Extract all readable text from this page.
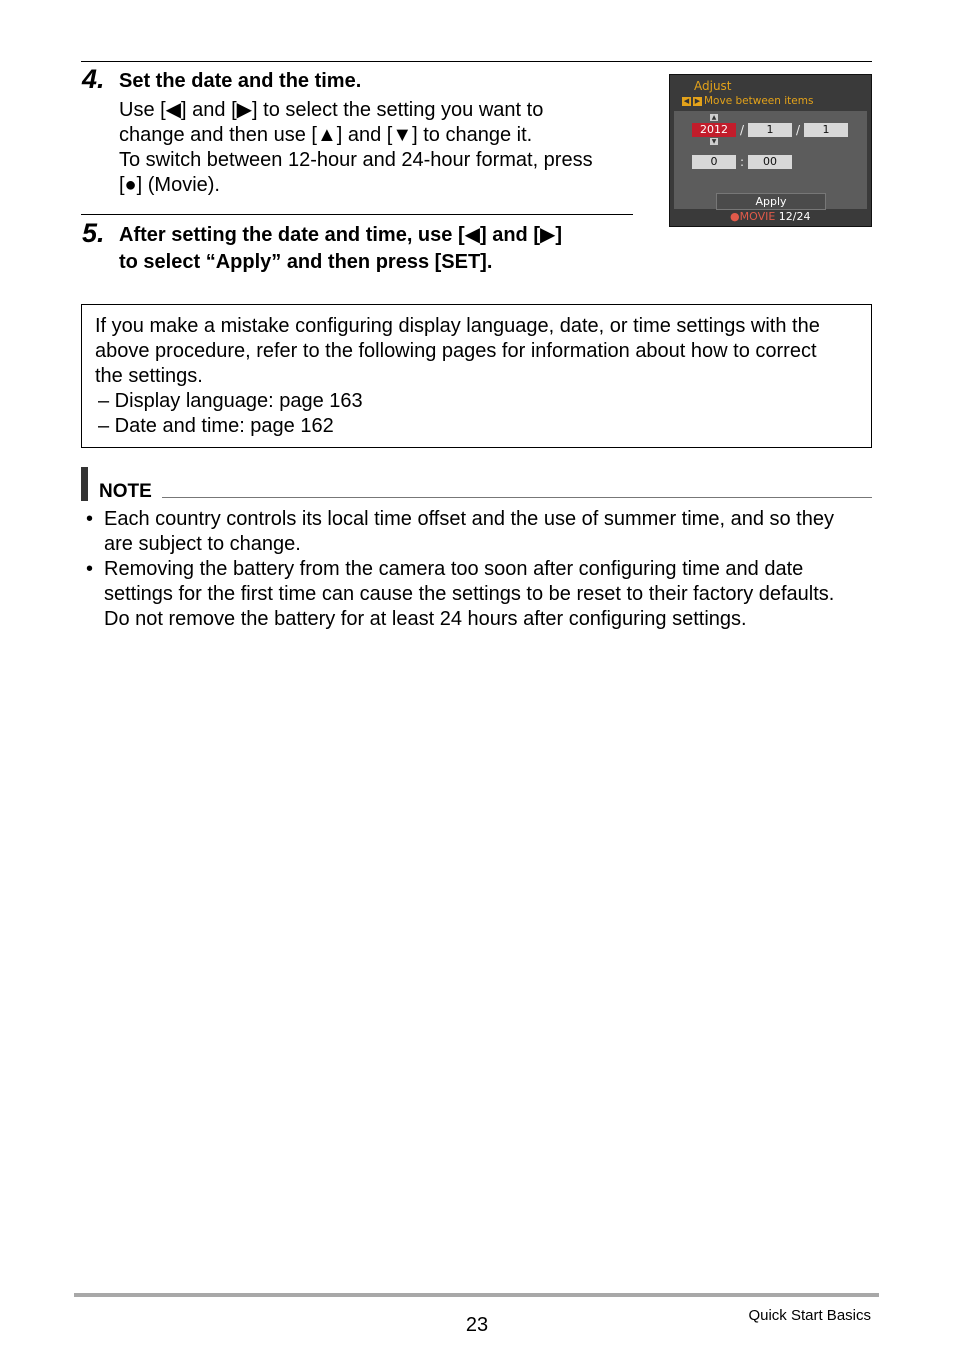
4. Set the date and the time.
Use [◀] and [▶] to select the setting you want to
change and then use [▲] and [▼] to change it.
To switch between 12-hour and 24-hour format, press
[●] (Movie).
Adjust
◀ ▶ Move between items
▲
2012	/	1	/	1
▼
0	:	00
Apply
●MOVIE 12/24
5. After setting the date and time, use [◀] and [▶]
to select “Apply” and then press [SET].
If you make a mistake configuring display language, date, or time settings with the
above procedure, refer to the following pages for information about how to correct
the settings.
– Display language: page 163
– Date and time: page 162
NOTE
• Each country controls its local time offset and the use of summer time, and so they
are subject to change.
• Removing the battery from the camera too soon after configuring time and date
settings for the first time can cause the settings to be reset to their factory defaults.
Do not remove the battery for at least 24 hours after configuring settings.
23	Quick Start Basics
